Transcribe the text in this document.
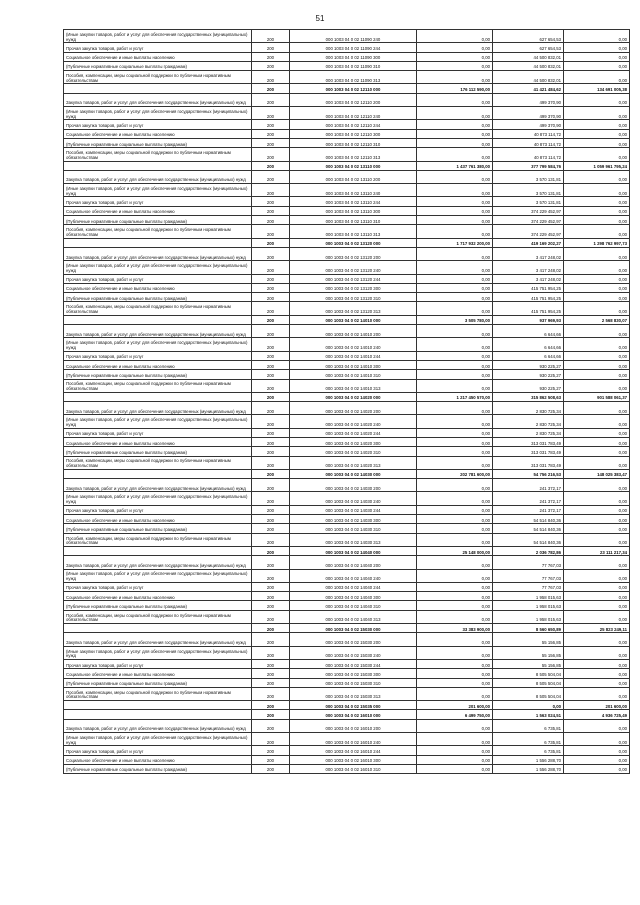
51
(Иные закупки товаров, работ и услуг для обеспечения государственных (муниципальных) нужд	200	000 1003 04 0 02 11090 240	0,00	627 654,53	0,00
Прочая закупка товаров, работ и услуг	200	000 1003 04 0 02 11090 244	0,00	627 654,53	0,00
Социальное обеспечение и иные выплаты населению	200	000 1003 04 0 02 11090 300	0,00	44 500 832,01	0,00
(Публичные нормативные социальные выплаты гражданам)	200	000 1003 04 0 02 11090 310	0,00	44 500 832,01	0,00
Пособия, компенсации, меры социальной поддержки по публичным нормативным обязательствам	200	000 1003 04 0 02 11090 313	0,00	44 500 832,01	0,00
	200	000 1003 04 0 02 12110 000	176 112 590,00	41 421 484,62	134 691 005,38
Закупка товаров, работ и услуг для обеспечения государственных (муниципальных) нужд	200	000 1003 04 0 02 12110 200	0,00	499 370,90	0,00
(Иные закупки товаров, работ и услуг для обеспечения государственных (муниципальных) нужд	200	000 1003 04 0 02 12110 240	0,00	499 370,90	0,00
Прочая закупка товаров, работ и услуг	200	000 1003 04 0 02 12110 244	0,00	499 370,90	0,00
Социальное обеспечение и иные выплаты населению	200	000 1003 04 0 02 12110 300	0,00	40 873 114,72	0,00
(Публичные нормативные социальные выплаты гражданам)	200	000 1003 04 0 02 12110 310	0,00	40 873 114,72	0,00
Пособия, компенсации, меры социальной поддержки по публичным нормативным обязательствам	200	000 1003 04 0 02 12110 313	0,00	40 873 114,72	0,00
	200	000 1003 04 0 02 13110 000	1 437 761 380,00	377 799 584,76	1 059 961 795,24
Закупка товаров, работ и услуг для обеспечения государственных (муниципальных) нужд	200	000 1003 04 0 02 13110 200	0,00	3 570 131,81	0,00
(Иные закупки товаров, работ и услуг для обеспечения государственных (муниципальных) нужд	200	000 1003 04 0 02 13110 240	0,00	3 570 131,81	0,00
Прочая закупка товаров, работ и услуг	200	000 1003 04 0 02 13110 244	0,00	3 570 131,81	0,00
Социальное обеспечение и иные выплаты населению	200	000 1003 04 0 02 13110 300	0,00	374 229 452,97	0,00
(Публичные нормативные социальные выплаты гражданам)	200	000 1003 04 0 02 13110 310	0,00	374 229 452,97	0,00
Пособия, компенсации, меры социальной поддержки по публичным нормативным обязательствам	200	000 1003 04 0 02 13110 313	0,00	374 229 452,97	0,00
	200	000 1003 04 0 02 13120 000	1 717 932 200,00	419 169 202,27	1 298 762 997,73
Закупка товаров, работ и услуг для обеспечения государственных (муниципальных) нужд	200	000 1003 04 0 02 13120 200	0,00	3 417 248,02	0,00
(Иные закупки товаров, работ и услуг для обеспечения государственных (муниципальных) нужд	200	000 1003 04 0 02 13120 240	0,00	3 417 248,02	0,00
Прочая закупка товаров, работ и услуг	200	000 1003 04 0 02 13120 244	0,00	3 417 248,02	0,00
Социальное обеспечение и иные выплаты населению	200	000 1003 04 0 02 13120 300	0,00	415 751 954,25	0,00
(Публичные нормативные социальные выплаты гражданам)	200	000 1003 04 0 02 13120 310	0,00	415 751 954,25	0,00
Пособия, компенсации, меры социальной поддержки по публичным нормативным обязательствам	200	000 1003 04 0 02 13120 313	0,00	415 751 954,25	0,00
	200	000 1003 04 0 02 14010 000	3 505 780,00	937 969,93	2 568 830,07
Закупка товаров, работ и услуг для обеспечения государственных (муниципальных) нужд	200	000 1003 04 0 02 14010 200	0,00	6 644,66	0,00
(Иные закупки товаров, работ и услуг для обеспечения государственных (муниципальных) нужд	200	000 1003 04 0 02 14010 240	0,00	6 644,66	0,00
Прочая закупка товаров, работ и услуг	200	000 1003 04 0 02 14010 244	0,00	6 644,66	0,00
Социальное обеспечение и иные выплаты населению	200	000 1003 04 0 02 14010 300	0,00	930 225,27	0,00
(Публичные нормативные социальные выплаты гражданам)	200	000 1003 04 0 02 14010 310	0,00	930 225,27	0,00
Пособия, компенсации, меры социальной поддержки по публичным нормативным обязательствам	200	000 1003 04 0 02 14010 313	0,00	930 225,27	0,00
	200	000 1003 04 0 02 14020 000	1 217 450 570,00	315 862 508,63	901 588 061,37
Закупка товаров, работ и услуг для обеспечения государственных (муниципальных) нужд	200	000 1003 04 0 02 14020 200	0,00	2 830 725,34	0,00
(Иные закупки товаров, работ и услуг для обеспечения государственных (муниципальных) нужд	200	000 1003 04 0 02 14020 240	0,00	2 830 725,34	0,00
Прочая закупка товаров, работ и услуг	200	000 1003 04 0 02 14020 244	0,00	2 830 725,34	0,00
Социальное обеспечение и иные выплаты населению	200	000 1003 04 0 02 14020 300	0,00	313 031 783,49	0,00
(Публичные нормативные социальные выплаты гражданам)	200	000 1003 04 0 02 14020 310	0,00	313 031 783,49	0,00
Пособия, компенсации, меры социальной поддержки по публичным нормативным обязательствам	200	000 1003 04 0 02 14020 313	0,00	313 031 783,49	0,00
	200	000 1003 04 0 02 14030 000	202 781 600,00	54 756 216,53	148 025 383,47
Закупка товаров, работ и услуг для обеспечения государственных (муниципальных) нужд	200	000 1003 04 0 02 14030 200	0,00	241 372,17	0,00
(Иные закупки товаров, работ и услуг для обеспечения государственных (муниципальных) нужд	200	000 1003 04 0 02 14030 240	0,00	241 372,17	0,00
Прочая закупка товаров, работ и услуг	200	000 1003 04 0 02 14030 244	0,00	241 372,17	0,00
Социальное обеспечение и иные выплаты населению	200	000 1003 04 0 02 14030 300	0,00	54 514 840,36	0,00
(Публичные нормативные социальные выплаты гражданам)	200	000 1003 04 0 02 14030 310	0,00	54 514 840,36	0,00
Пособия, компенсации, меры социальной поддержки по публичным нормативным обязательствам	200	000 1003 04 0 02 14030 313	0,00	54 514 840,36	0,00
	200	000 1003 04 0 02 14040 000	25 148 000,00	2 036 782,86	23 111 217,34
Закупка товаров, работ и услуг для обеспечения государственных (муниципальных) нужд	200	000 1003 04 0 02 14040 200	0,00	77 767,03	0,00
(Иные закупки товаров, работ и услуг для обеспечения государственных (муниципальных) нужд	200	000 1003 04 0 02 14040 240	0,00	77 767,03	0,00
Прочая закупка товаров, работ и услуг	200	000 1003 04 0 02 14040 244	0,00	77 767,03	0,00
Социальное обеспечение и иные выплаты населению	200	000 1003 04 0 02 14040 300	0,00	1 958 015,63	0,00
(Публичные нормативные социальные выплаты гражданам)	200	000 1003 04 0 02 14040 310	0,00	1 958 015,63	0,00
Пособия, компенсации, меры социальной поддержки по публичным нормативным обязательствам	200	000 1003 04 0 02 14040 313	0,00	1 958 015,63	0,00
	200	000 1003 04 0 02 15030 000	33 383 900,00	8 560 650,89	25 823 249,11
Закупка товаров, работ и услуг для обеспечения государственных (муниципальных) нужд	200	000 1003 04 0 02 15030 200	0,00	55 156,85	0,00
(Иные закупки товаров, работ и услуг для обеспечения государственных (муниципальных) нужд	200	000 1003 04 0 02 15030 240	0,00	55 156,85	0,00
Прочая закупка товаров, работ и услуг	200	000 1003 04 0 02 15030 244	0,00	55 156,85	0,00
Социальное обеспечение и иные выплаты населению	200	000 1003 04 0 02 15030 300	0,00	8 505 504,04	0,00
(Публичные нормативные социальные выплаты гражданам)	200	000 1003 04 0 02 15030 310	0,00	8 505 504,04	0,00
Пособия, компенсации, меры социальной поддержки по публичным нормативным обязательствам	200	000 1003 04 0 02 15030 313	0,00	8 505 504,04	0,00
	200	000 1003 04 0 02 15035 000	201 600,00	0,00	201 600,00
	200	000 1003 04 0 02 16010 000	6 499 750,00	1 563 024,51	4 936 725,49
Закупка товаров, работ и услуг для обеспечения государственных (муниципальных) нужд	200	000 1003 04 0 02 16010 200	0,00	6 735,81	0,00
(Иные закупки товаров, работ и услуг для обеспечения государственных (муниципальных) нужд	200	000 1003 04 0 02 16010 240	0,00	6 735,81	0,00
Прочая закупка товаров, работ и услуг	200	000 1003 04 0 02 16010 244	0,00	6 735,81	0,00
Социальное обеспечение и иные выплаты населению	200	000 1003 04 0 02 16010 300	0,00	1 556 288,70	0,00
(Публичные нормативные социальные выплаты гражданам)	200	000 1003 04 0 02 16010 310	0,00	1 556 288,70	0,00
